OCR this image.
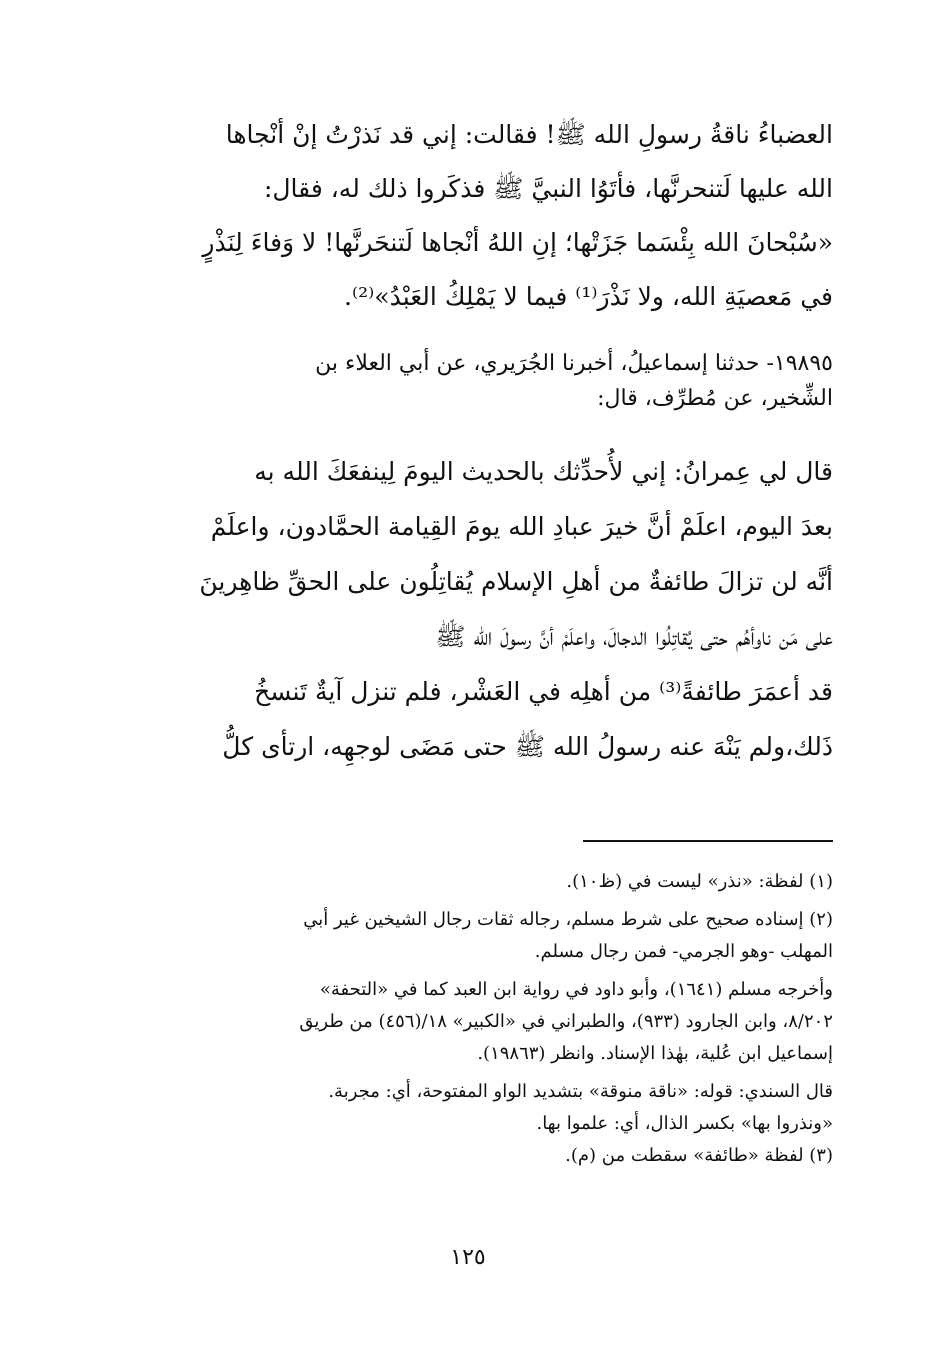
العضباءُ ناقةُ رسولِ الله ﷺ! فقالت: إني قد نَذرْتُ إنْ أنْجاها
الله عليها لَتنحرنَّها، فأتَوُا النبيَّ ﷺ فذكَروا ذلك له، فقال:
«سُبْحانَ الله بِئْسَما جَزَتْها؛ إنِ اللهُ أنْجاها لَتنحَرنَّها! لا وَفاءَ لِنَذْرٍ
في مَعصيَةِ الله، ولا نَذْرَ⁽¹⁾ فيما لا يَمْلِكُ العَبْدُ»⁽²⁾.
١٩٨٩٥- حدثنا إسماعيلُ، أخبرنا الجُرَيري، عن أبي العلاء بن
الشِّخير، عن مُطرِّف، قال:
قال لي عِمرانُ: إني لأُحدِّثك بالحديث اليومَ لِينفعَكَ الله به
بعدَ اليوم، اعلَمْ أنَّ خيرَ عبادِ الله يومَ القِيامة الحمَّادون، واعلَمْ
أنَّه لن تزالَ طائفةٌ من أهلِ الإسلام يُقاتِلُون على الحقِّ ظاهِرينَ
على مَن ناوأهُم حتى يُقاتِلُوا الدجالَ، واعلَمْ أنَّ رسولَ الله ﷺ
قد أعمَرَ طائفةً⁽³⁾ من أهلِه في العَشْر، فلم تنزل آيةٌ تَنسخُ
ذَلك،ولم يَنْهَ عنه رسولُ الله ﷺ حتى مَضَى لوجهِه، ارتأى كلُّ
(١) لفظة: «نذر» ليست في (ظ١٠).
(٢) إسناده صحيح على شرط مسلم، رجاله ثقات رجال الشيخين غير أبي
المهلب -وهو الجرمي- فمن رجال مسلم.
وأخرجه مسلم (١٦٤١)، وأبو داود في رواية ابن العبد كما في «التحفة»
٨/٢٠٢، وابن الجارود (٩٣٣)، والطبراني في «الكبير» ١٨/(٤٥٦) من طريق
إسماعيل ابن عُلية، بهٰذا الإسناد. وانظر (١٩٨٦٣).
قال السندي: قوله: «ناقة منوقة» بتشديد الواو المفتوحة، أي: مجربة.
«ونذروا بها» بكسر الذال، أي: علموا بها.
(٣) لفظة «طائفة» سقطت من (م).
١٢٥
